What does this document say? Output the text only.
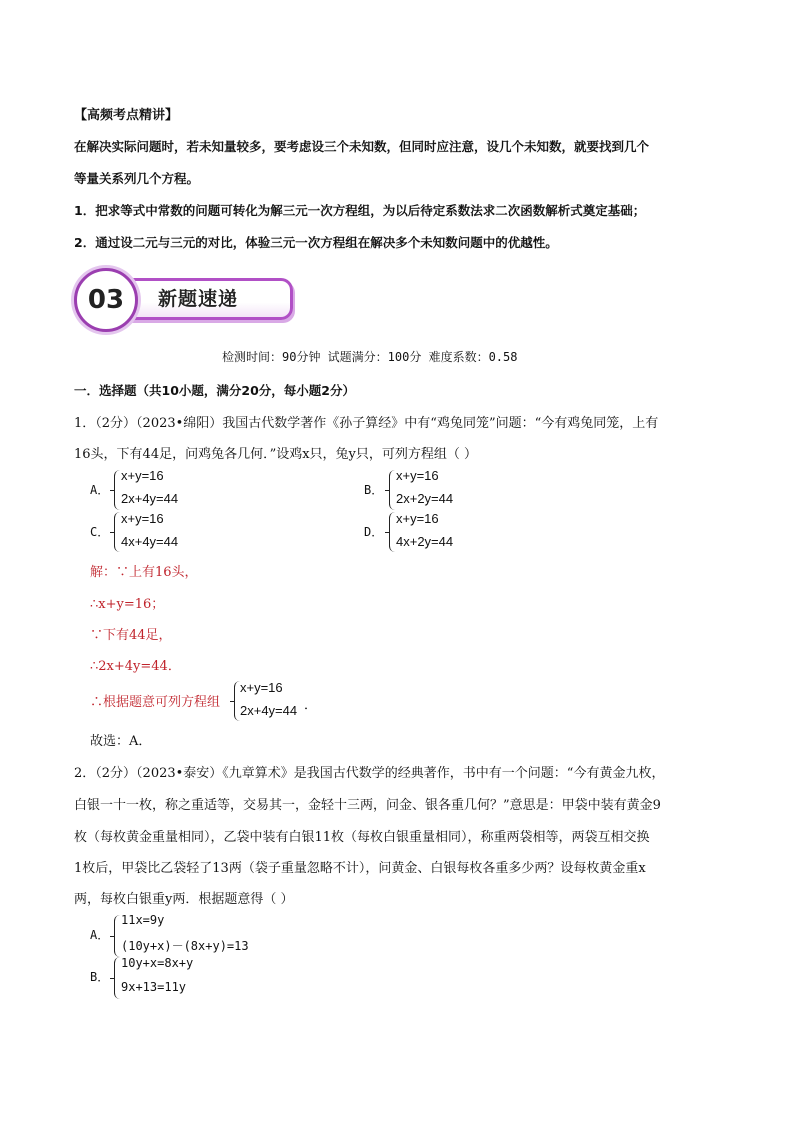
【高频考点精讲】
在解决实际问题时，若未知量较多，要考虑设三个未知数，但同时应注意，设几个未知数，就要找到几个
等量关系列几个方程。
1．把求等式中常数的问题可转化为解三元一次方程组，为以后待定系数法求二次函数解析式奠定基础；
2．通过设二元与三元的对比，体验三元一次方程组在解决多个未知数问题中的优越性。
03	新题速递
检测时间：90分钟 试题满分：100分 难度系数：0.58
一．选择题（共10小题，满分20分，每小题2分）
1．（2分）（2023•绵阳）我国古代数学著作《孙子算经》中有“鸡兔同笼”问题：“今有鸡兔同笼，上有
16头，下有44足，问鸡兔各几何．”设鸡x只，兔y只，可列方程组（ ）
A．
x+y=16
2x+4y=44
B．
x+y=16
2x+2y=44
C．
x+y=16
4x+4y=44
D．
x+y=16
4x+2y=44
解：∵上有16头，
∴x+y=16；
∵下有44足，
∴2x+4y=44．
∴根据题意可列方程组
x+y=16
2x+4y=44 ．
故选：A．
2．（2分）（2023•泰安）《九章算术》是我国古代数学的经典著作，书中有一个问题：“今有黄金九枚，
白银一十一枚，称之重适等，交易其一，金轻十三两，问金、银各重几何？”意思是：甲袋中装有黄金9
枚（每枚黄金重量相同），乙袋中装有白银11枚（每枚白银重量相同），称重两袋相等，两袋互相交换
1枚后，甲袋比乙袋轻了13两（袋子重量忽略不计），问黄金、白银每枚各重多少两？设每枚黄金重x
两，每枚白银重y两．根据题意得（ ）
A．
11x=9y
(10y+x)－(8x+y)=13
B．
10y+x=8x+y
9x+13=11y
